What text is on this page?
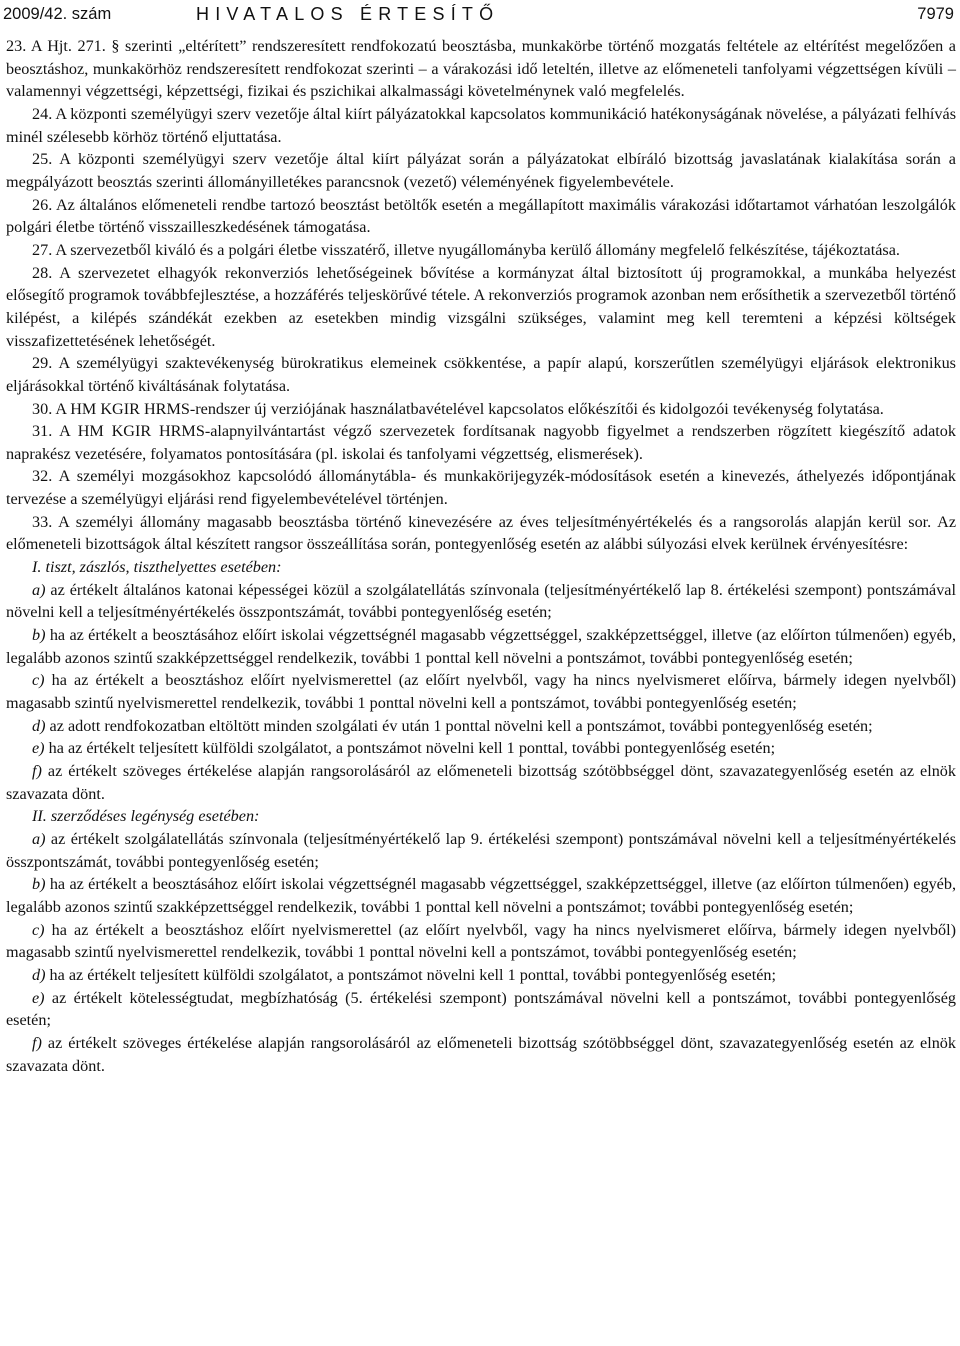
2009/42. szám	HIVATALOS ÉRTESÍTŐ	7979

23. A Hjt. 271. § szerinti „eltérített” rendszeresített rendfokozatú beosztásba, munkakörbe történő mozgatás feltétele az eltérítést megelőzően a beosztáshoz, munkakörhöz rendszeresített rendfokozat szerinti – a várakozási idő leteltén, illetve az előmeneteli tanfolyami végzettségen kívüli – valamennyi végzettségi, képzettségi, fizikai és pszichikai alkalmassági követelménynek való megfelelés.

24. A központi személyügyi szerv vezetője által kiírt pályázatokkal kapcsolatos kommunikáció hatékonyságának növelése, a pályázati felhívás minél szélesebb körhöz történő eljuttatása.

25. A központi személyügyi szerv vezetője által kiírt pályázat során a pályázatokat elbíráló bizottság javaslatának kialakítása során a megpályázott beosztás szerinti állományilletékes parancsnok (vezető) véleményének figyelembevétele.

26. Az általános előmeneteli rendbe tartozó beosztást betöltők esetén a megállapított maximális várakozási időtartamot várhatóan leszolgálók polgári életbe történő visszailleszkedésének támogatása.

27. A szervezetből kiváló és a polgári életbe visszatérő, illetve nyugállományba kerülő állomány megfelelő felkészítése, tájékoztatása.

28. A szervezetet elhagyók rekonverziós lehetőségeinek bővítése a kormányzat által biztosított új programokkal, a munkába helyezést elősegítő programok továbbfejlesztése, a hozzáférés teljeskörűvé tétele. A rekonverziós programok azonban nem erősíthetik a szervezetből történő kilépést, a kilépés szándékát ezekben az esetekben mindig vizsgálni szükséges, valamint meg kell teremteni a képzési költségek visszafizettetésének lehetőségét.

29. A személyügyi szaktevékenység bürokratikus elemeinek csökkentése, a papír alapú, korszerűtlen személyügyi eljárások elektronikus eljárásokkal történő kiváltásának folytatása.

30. A HM KGIR HRMS-rendszer új verziójának használatbavételével kapcsolatos előkészítői és kidolgozói tevékenység folytatása.

31. A HM KGIR HRMS-alapnyilvántartást végző szervezetek fordítsanak nagyobb figyelmet a rendszerben rögzített kiegészítő adatok naprakész vezetésére, folyamatos pontosítására (pl. iskolai és tanfolyami végzettség, elismerések).

32. A személyi mozgásokhoz kapcsolódó állománytábla- és munkakörijegyzék-módosítások esetén a kinevezés, áthelyezés időpontjának tervezése a személyügyi eljárási rend figyelembevételével történjen.

33. A személyi állomány magasabb beosztásba történő kinevezésére az éves teljesítményértékelés és a rangsorolás alapján kerül sor. Az előmeneteli bizottságok által készített rangsor összeállítása során, pontegyenlőség esetén az alábbi súlyozási elvek kerülnek érvényesítésre:

I. tiszt, zászlós, tiszthelyettes esetében:

a) az értékelt általános katonai képességei közül a szolgálatellátás színvonala (teljesítményértékelő lap 8. értékelési szempont) pontszámával növelni kell a teljesítményértékelés összpontszámát, további pontegyenlőség esetén;

b) ha az értékelt a beosztásához előírt iskolai végzettségnél magasabb végzettséggel, szakképzettséggel, illetve (az előírton túlmenően) egyéb, legalább azonos szintű szakképzettséggel rendelkezik, további 1 ponttal kell növelni a pontszámot, további pontegyenlőség esetén;

c) ha az értékelt a beosztáshoz előírt nyelvismerettel (az előírt nyelvből, vagy ha nincs nyelvismeret előírva, bármely idegen nyelvből) magasabb szintű nyelvismerettel rendelkezik, további 1 ponttal növelni kell a pontszámot, további pontegyenlőség esetén;

d) az adott rendfokozatban eltöltött minden szolgálati év után 1 ponttal növelni kell a pontszámot, további pontegyenlőség esetén;

e) ha az értékelt teljesített külföldi szolgálatot, a pontszámot növelni kell 1 ponttal, további pontegyenlőség esetén;

f) az értékelt szöveges értékelése alapján rangsorolásáról az előmeneteli bizottság szótöbbséggel dönt, szavazategyenlőség esetén az elnök szavazata dönt.

II. szerződéses legénység esetében:

a) az értékelt szolgálatellátás színvonala (teljesítményértékelő lap 9. értékelési szempont) pontszámával növelni kell a teljesítményértékelés összpontszámát, további pontegyenlőség esetén;

b) ha az értékelt a beosztásához előírt iskolai végzettségnél magasabb végzettséggel, szakképzettséggel, illetve (az előírton túlmenően) egyéb, legalább azonos szintű szakképzettséggel rendelkezik, további 1 ponttal kell növelni a pontszámot; további pontegyenlőség esetén;

c) ha az értékelt a beosztáshoz előírt nyelvismerettel (az előírt nyelvből, vagy ha nincs nyelvismeret előírva, bármely idegen nyelvből) magasabb szintű nyelvismerettel rendelkezik, további 1 ponttal növelni kell a pontszámot, további pontegyenlőség esetén;

d) ha az értékelt teljesített külföldi szolgálatot, a pontszámot növelni kell 1 ponttal, további pontegyenlőség esetén;

e) az értékelt kötelességtudat, megbízhatóság (5. értékelési szempont) pontszámával növelni kell a pontszámot, további pontegyenlőség esetén;

f) az értékelt szöveges értékelése alapján rangsorolásáról az előmeneteli bizottság szótöbbséggel dönt, szavazategyenlőség esetén az elnök szavazata dönt.
